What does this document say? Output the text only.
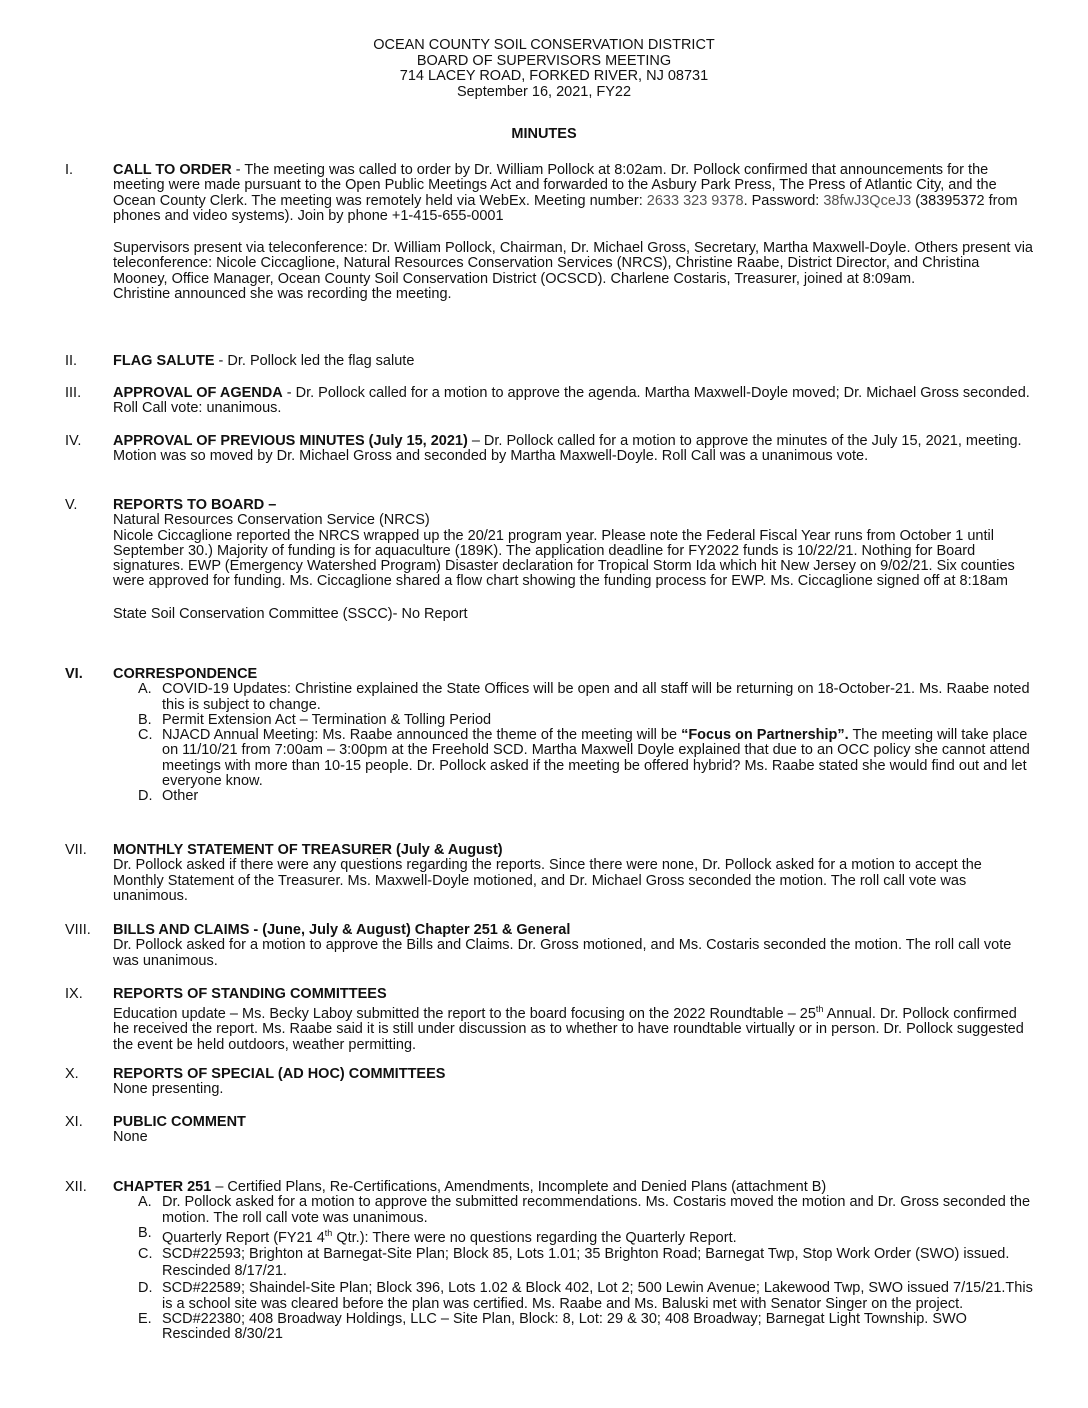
OCEAN COUNTY SOIL CONSERVATION DISTRICT
BOARD OF SUPERVISORS MEETING
714 LACEY ROAD, FORKED RIVER, NJ 08731
September 16, 2021, FY22
MINUTES
I.	CALL TO ORDER - The meeting was called to order by Dr. William Pollock at 8:02am. Dr. Pollock confirmed that announcements for the meeting were made pursuant to the Open Public Meetings Act and forwarded to the Asbury Park Press, The Press of Atlantic City, and the Ocean County Clerk. The meeting was remotely held via WebEx. Meeting number: 2633 323 9378. Password: 38fwJ3QceJ3 (38395372 from phones and video systems). Join by phone +1-415-655-0001

Supervisors present via teleconference: Dr. William Pollock, Chairman, Dr. Michael Gross, Secretary, Martha Maxwell-Doyle. Others present via teleconference: Nicole Ciccaglione, Natural Resources Conservation Services (NRCS), Christine Raabe, District Director, and Christina Mooney, Office Manager, Ocean County Soil Conservation District (OCSCD). Charlene Costaris, Treasurer, joined at 8:09am.

Christine announced she was recording the meeting.

II.	FLAG SALUTE - Dr. Pollock led the flag salute
III.	APPROVAL OF AGENDA - Dr. Pollock called for a motion to approve the agenda. Martha Maxwell-Doyle moved; Dr. Michael Gross seconded. Roll Call vote: unanimous.
IV.	APPROVAL OF PREVIOUS MINUTES (July 15, 2021) – Dr. Pollock called for a motion to approve the minutes of the July 15, 2021, meeting. Motion was so moved by Dr. Michael Gross and seconded by Martha Maxwell-Doyle. Roll Call was a unanimous vote.
V.	REPORTS TO BOARD –

Natural Resources Conservation Service (NRCS)

Nicole Ciccaglione reported the NRCS wrapped up the 20/21 program year. Please note the Federal Fiscal Year runs from October 1 until September 30.) Majority of funding is for aquaculture (189K). The application deadline for FY2022 funds is 10/22/21. Nothing for Board signatures. EWP (Emergency Watershed Program) Disaster declaration for Tropical Storm Ida which hit New Jersey on 9/02/21. Six counties were approved for funding. Ms. Ciccaglione shared a flow chart showing the funding process for EWP. Ms. Ciccaglione signed off at 8:18am

State Soil Conservation Committee (SSCC)- No Report

VI.	CORRESPONDENCE

A. COVID-19 Updates: Christine explained the State Offices will be open and all staff will be returning on 18-October-21. Ms. Raabe noted this is subject to change.
B. Permit Extension Act – Termination & Tolling Period
C. NJACD Annual Meeting: Ms. Raabe announced the theme of the meeting will be “Focus on Partnership”. The meeting will take place on 11/10/21 from 7:00am – 3:00pm at the Freehold SCD. Martha Maxwell Doyle explained that due to an OCC policy she cannot attend meetings with more than 10-15 people. Dr. Pollock asked if the meeting be offered hybrid? Ms. Raabe stated she would find out and let everyone know.
D. Other
VII.	MONTHLY STATEMENT OF TREASURER (July & August)

Dr. Pollock asked if there were any questions regarding the reports. Since there were none, Dr. Pollock asked for a motion to accept the Monthly Statement of the Treasurer. Ms. Maxwell-Doyle motioned, and Dr. Michael Gross seconded the motion. The roll call vote was unanimous.

VIII.	BILLS AND CLAIMS - (June, July & August) Chapter 251 & General

Dr. Pollock asked for a motion to approve the Bills and Claims. Dr. Gross motioned, and Ms. Costaris seconded the motion. The roll call vote was unanimous.

IX.	REPORTS OF STANDING COMMITTEES

Education update – Ms. Becky Laboy submitted the report to the board focusing on the 2022 Roundtable – 25th Annual. Dr. Pollock confirmed he received the report. Ms. Raabe said it is still under discussion as to whether to have roundtable virtually or in person. Dr. Pollock suggested the event be held outdoors, weather permitting.

X.	REPORTS OF SPECIAL (AD HOC) COMMITTEES

None presenting.

XI.	PUBLIC COMMENT

None

XII.	CHAPTER 251 – Certified Plans, Re-Certifications, Amendments, Incomplete and Denied Plans (attachment B)

A. Dr. Pollock asked for a motion to approve the submitted recommendations. Ms. Costaris moved the motion and Dr. Gross seconded the motion. The roll call vote was unanimous.
B. Quarterly Report (FY21 4th Qtr.): There were no questions regarding the Quarterly Report.
C. SCD#22593; Brighton at Barnegat-Site Plan; Block 85, Lots 1.01; 35 Brighton Road; Barnegat Twp, Stop Work Order (SWO) issued. Rescinded 8/17/21.
D. SCD#22589; Shaindel-Site Plan; Block 396, Lots 1.02 & Block 402, Lot 2; 500 Lewin Avenue; Lakewood Twp, SWO issued 7/15/21.This is a school site was cleared before the plan was certified. Ms. Raabe and Ms. Baluski met with Senator Singer on the project.
E. SCD#22380; 408 Broadway Holdings, LLC – Site Plan, Block: 8, Lot: 29 & 30; 408 Broadway; Barnegat Light Township. SWO Rescinded 8/30/21
